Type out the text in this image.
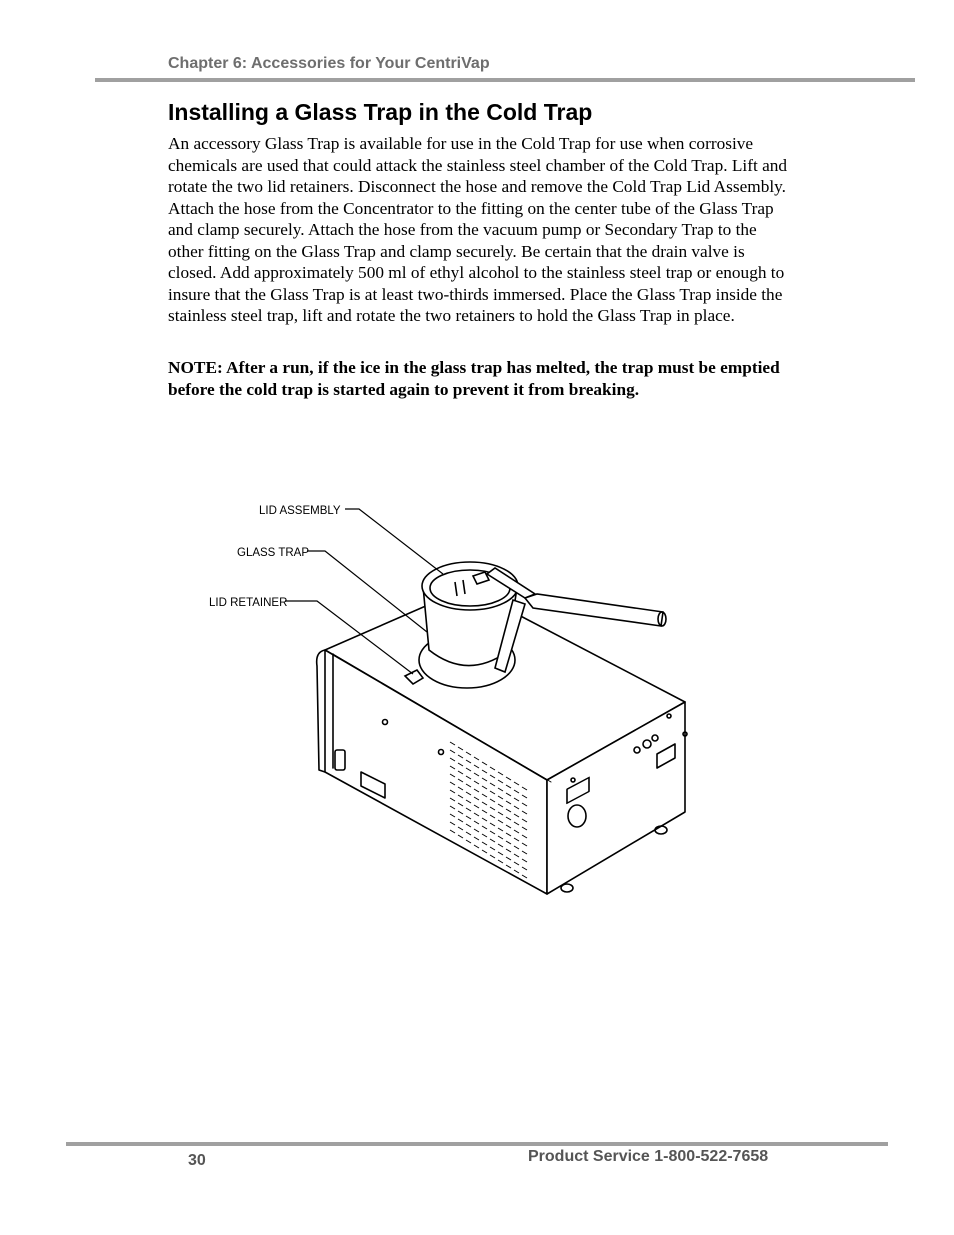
Chapter 6: Accessories for Your CentriVap
Installing a Glass Trap in the Cold Trap

An accessory Glass Trap is available for use in the Cold Trap for use when corrosive chemicals are used that could attack the stainless steel chamber of the Cold Trap. Lift and rotate the two lid retainers. Disconnect the hose and remove the Cold Trap Lid Assembly. Attach the hose from the Concentrator to the fitting on the center tube of the Glass Trap and clamp securely. Attach the hose from the vacuum pump or Secondary Trap to the other fitting on the Glass Trap and clamp securely. Be certain that the drain valve is closed. Add approximately 500 ml of ethyl alcohol to the stainless steel trap or enough to insure that the Glass Trap is at least two-thirds immersed. Place the Glass Trap inside the stainless steel trap, lift and rotate the two retainers to hold the Glass Trap in place.

NOTE: After a run, if the ice in the glass trap has melted, the trap must be emptied before the cold trap is started again to prevent it from breaking.

LID ASSEMBLY
GLASS TRAP
LID RETAINER
30	Product Service 1-800-522-7658
